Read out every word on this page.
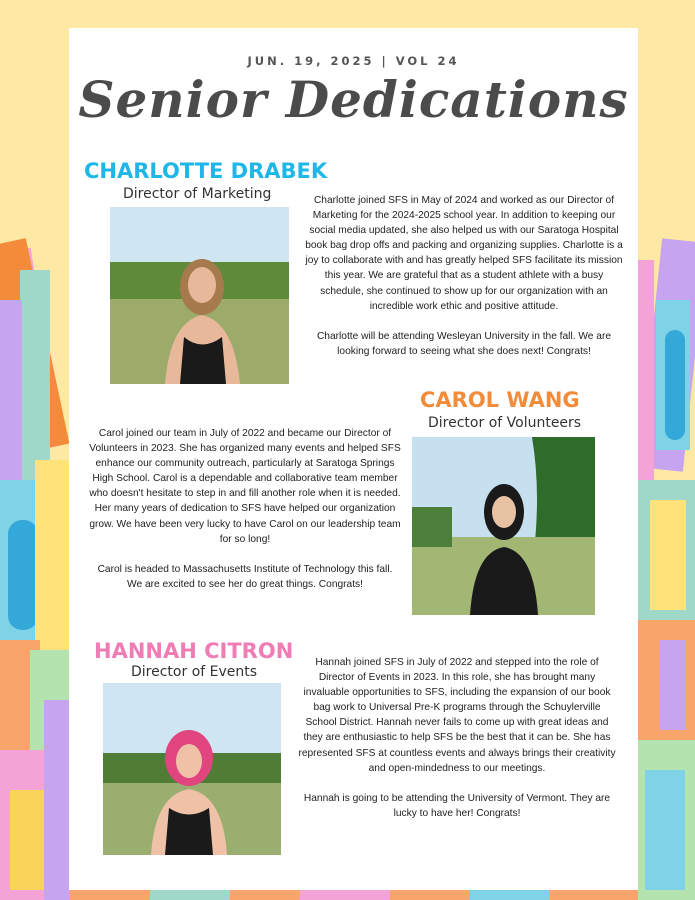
JUN. 19, 2025 | VOL 24
Senior Dedications
CHARLOTTE DRABEK
Director of Marketing	Charlotte joined SFS in May of 2024 and worked as our Director of Marketing for the 2024-2025 school year. In addition to keeping our social media updated, she also helped us with our Saratoga Hospital book bag drop offs and packing and organizing supplies. Charlotte is a joy to collaborate with and has greatly helped SFS facilitate its mission this year. We are grateful that as a student athlete with a busy schedule, she continued to show up for our organization with an incredible work ethic and positive attitude.

Charlotte will be attending Wesleyan University in the fall. We are looking forward to seeing what she does next! Congrats!

CAROL WANG
Director of Volunteers

Carol joined our team in July of 2022 and became our Director of Volunteers in 2023. She has organized many events and helped SFS enhance our community outreach, particularly at Saratoga Springs High School. Carol is a dependable and collaborative team member who doesn't hesitate to step in and fill another role when it is needed. Her many years of dedication to SFS have helped our organization grow. We have been very lucky to have Carol on our leadership team for so long!

Carol is headed to Massachusetts Institute of Technology this fall. We are excited to see her do great things. Congrats!

HANNAH CITRON
Director of Events

Hannah joined SFS in July of 2022 and stepped into the role of Director of Events in 2023. In this role, she has brought many invaluable opportunities to SFS, including the expansion of our book bag work to Universal Pre-K programs through the Schuylerville School District. Hannah never fails to come up with great ideas and they are enthusiastic to help SFS be the best that it can be. She has represented SFS at countless events and always brings their creativity and open-mindedness to our meetings.

Hannah is going to be attending the University of Vermont. They are lucky to have her! Congrats!
